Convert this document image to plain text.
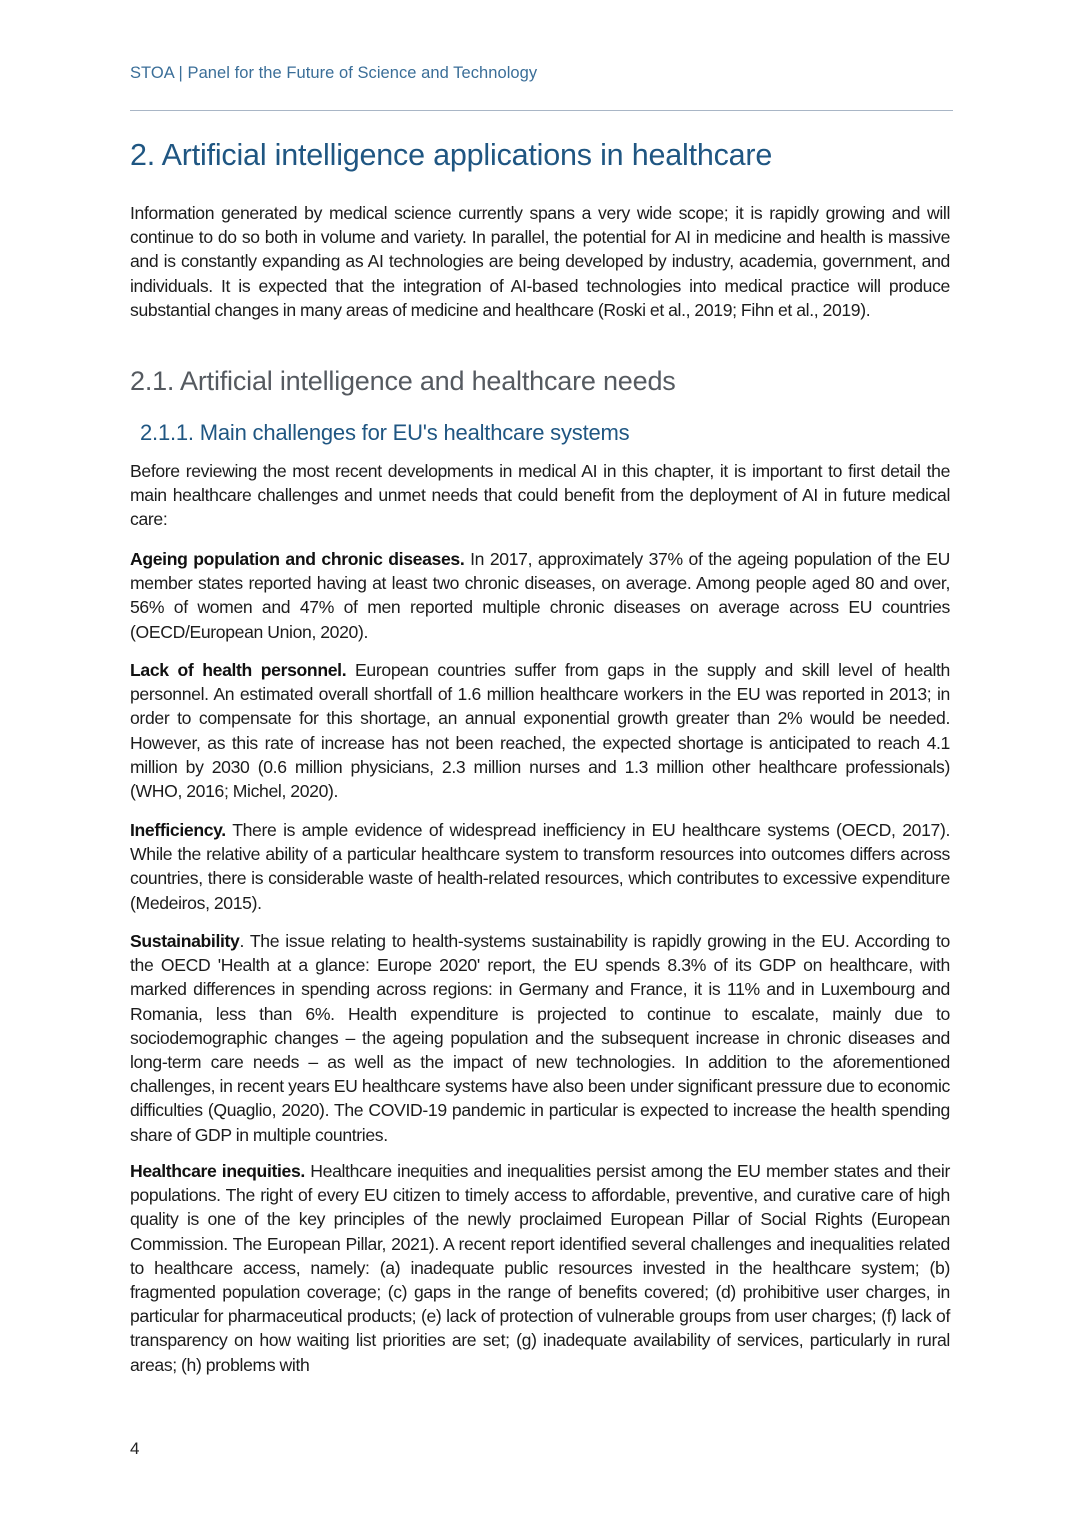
STOA | Panel for the Future of Science and Technology
2. Artificial intelligence applications in healthcare

Information generated by medical science currently spans a very wide scope; it is rapidly growing and will continue to do so both in volume and variety. In parallel, the potential for AI in medicine and health is massive and is constantly expanding as AI technologies are being developed by industry, academia, government, and individuals. It is expected that the integration of AI-based technologies into medical practice will produce substantial changes in many areas of medicine and healthcare (Roski et al., 2019; Fihn et al., 2019).

2.1. Artificial intelligence and healthcare needs
2.1.1. Main challenges for EU's healthcare systems

Before reviewing the most recent developments in medical AI in this chapter, it is important to first detail the main healthcare challenges and unmet needs that could benefit from the deployment of AI in future medical care:

Ageing population and chronic diseases. In 2017, approximately 37% of the ageing population of the EU member states reported having at least two chronic diseases, on average. Among people aged 80 and over, 56% of women and 47% of men reported multiple chronic diseases on average across EU countries (OECD/European Union, 2020).

Lack of health personnel. European countries suffer from gaps in the supply and skill level of health personnel. An estimated overall shortfall of 1.6 million healthcare workers in the EU was reported in 2013; in order to compensate for this shortage, an annual exponential growth greater than 2% would be needed. However, as this rate of increase has not been reached, the expected shortage is anticipated to reach 4.1 million by 2030 (0.6 million physicians, 2.3 million nurses and 1.3 million other healthcare professionals) (WHO, 2016; Michel, 2020).

Inefficiency. There is ample evidence of widespread inefficiency in EU healthcare systems (OECD, 2017). While the relative ability of a particular healthcare system to transform resources into outcomes differs across countries, there is considerable waste of health-related resources, which contributes to excessive expenditure (Medeiros, 2015).

Sustainability. The issue relating to health-systems sustainability is rapidly growing in the EU. According to the OECD 'Health at a glance: Europe 2020' report, the EU spends 8.3% of its GDP on healthcare, with marked differences in spending across regions: in Germany and France, it is 11% and in Luxembourg and Romania, less than 6%. Health expenditure is projected to continue to escalate, mainly due to sociodemographic changes – the ageing population and the subsequent increase in chronic diseases and long-term care needs – as well as the impact of new technologies. In addition to the aforementioned challenges, in recent years EU healthcare systems have also been under significant pressure due to economic difficulties (Quaglio, 2020). The COVID-19 pandemic in particular is expected to increase the health spending share of GDP in multiple countries.

Healthcare inequities. Healthcare inequities and inequalities persist among the EU member states and their populations. The right of every EU citizen to timely access to affordable, preventive, and curative care of high quality is one of the key principles of the newly proclaimed European Pillar of Social Rights (European Commission. The European Pillar, 2021). A recent report identified several challenges and inequalities related to healthcare access, namely: (a) inadequate public resources invested in the healthcare system; (b) fragmented population coverage; (c) gaps in the range of benefits covered; (d) prohibitive user charges, in particular for pharmaceutical products; (e) lack of protection of vulnerable groups from user charges; (f) lack of transparency on how waiting list priorities are set; (g) inadequate availability of services, particularly in rural areas; (h) problems with

4
